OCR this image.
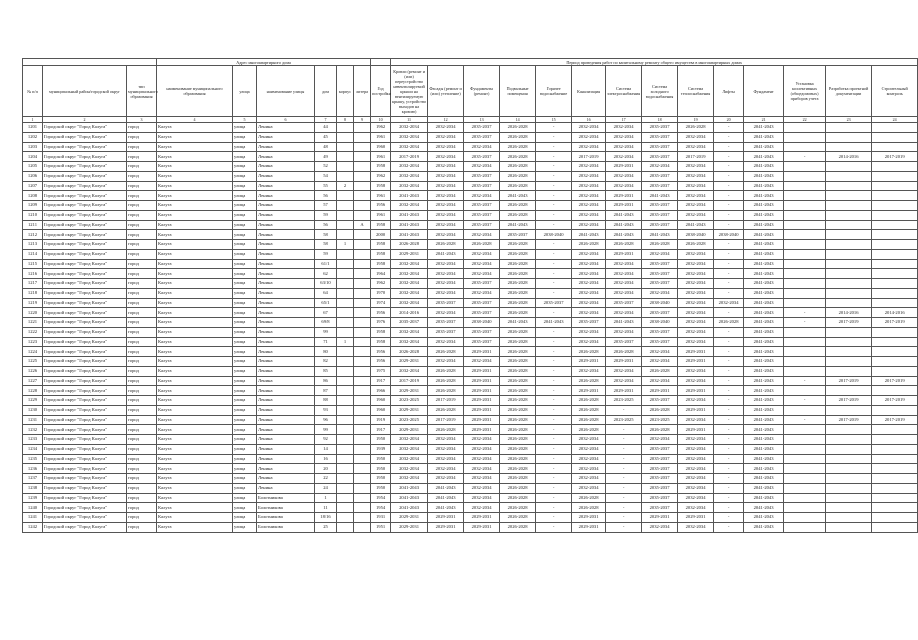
			Адрес многоквартирного дома							Период проведения работ по капитальному ремонту общего имущества в многоквартирных домах													
№ п/п	муниципальный район/городской округ	тип муниципального образования	наименование муниципального образования	улица	наименование улицы	дом	корпус	литера	Год постройки	Кровли (ремонт и (или) переустройство невентилируемой крыши на вентилируемую крышу, устройство выходов на кровлю)	Фасады (ремонт и (или) утепление)	Фундаменты (ремонт)	Подвальные помещения	Горячее водоснабжение	Канализация	Система электроснабжения	Система холодного водоснабжения	Система теплоснабжения	Лифты	Фундамент	Установка коллективных (общедомовых) приборов учета	Разработка проектной документации	Строительный контроль
1	2	3	4	5	6	7	8	9	10	11	12	13	14	15	16	17	18	19	20	21	22	23	24
1201	Городской округ "Город Калуга"	город	Калуга	улица	Ленина	44			1962	2032-2034	2032-2034	2035-2037	2026-2028	-	2032-2034	2032-2034	2035-2037	2026-2028	-	2041-2043			
1202	Городской округ "Город Калуга"	город	Калуга	улица	Ленина	45			1961	2032-2034	2032-2034	2035-2037	2026-2028	-	2032-2034	2032-2034	2035-2037	2032-2034	-	2041-2043			
1203	Городской округ "Город Калуга"	город	Калуга	улица	Ленина	48			1960	2032-2034	2032-2034	2032-2034	2026-2028	-	2032-2034	2032-2034	2035-2037	2032-2034	-	2041-2043			
1204	Городской округ "Город Калуга"	город	Калуга	улица	Ленина	49			1961	2017-2019	2032-2034	2035-2037	2026-2028	-	2017-2019	2032-2034	2035-2037	2017-2019	-	2041-2043	-	2014-2016	2017-2019
1205	Городской округ "Город Калуга"	город	Калуга	улица	Ленина	52			1958	2032-2034	2032-2034	2032-2034	2026-2028	-	2032-2034	2029-2031	2032-2034	2032-2034	-	2041-2043			
1206	Городской округ "Город Калуга"	город	Калуга	улица	Ленина	54			1962	2032-2034	2032-2034	2035-2037	2026-2028	-	2032-2034	2032-2034	2035-2037	2032-2034	-	2041-2043			
1207	Городской округ "Город Калуга"	город	Калуга	улица	Ленина	55	2		1958	2032-2034	2032-2034	2035-2037	2026-2028	-	2032-2034	2032-2034	2035-2037	2032-2034	-	2041-2043			
1208	Городской округ "Город Калуга"	город	Калуга	улица	Ленина	56			1961	2041-2043	2032-2034	2032-2034	2041-2043	-	2032-2034	2029-2031	2041-2043	2032-2034	-	2041-2043			
1209	Городской округ "Город Калуга"	город	Калуга	улица	Ленина	57			1956	2032-2034	2032-2034	2035-2037	2026-2028	-	2032-2034	2029-2031	2035-2037	2032-2034	-	2041-2043			
1210	Городской округ "Город Калуга"	город	Калуга	улица	Ленина	59			1961	2041-2043	2032-2034	2035-2037	2026-2028	-	2032-2034	2041-2043	2035-2037	2032-2034	-	2041-2043			
1211	Городской округ "Город Калуга"	город	Калуга	улица	Ленина	56		А	1958	2041-2043	2032-2034	2035-2037	2041-2043	-	2032-2034	2041-2043	2035-2037	2041-2043	-	2041-2043			
1212	Городской округ "Город Калуга"	город	Калуга	улица	Ленина	58			2000	2041-2043	2032-2034	2032-2034	2035-2037	2038-2040	2041-2043	2041-2043	2041-2043	2038-2040	2038-2040	2041-2043			
1213	Городской округ "Город Калуга"	город	Калуга	улица	Ленина	58	1		1958	2026-2028	2026-2028	2026-2028	2026-2028	-	2026-2028	2026-2028	2026-2028	2026-2028	-	2041-2043			
1214	Городской округ "Город Калуга"	город	Калуга	улица	Ленина	59			1958	2029-2031	2041-2043	2032-2034	2026-2028	-	2032-2034	2029-2031	2032-2034	2032-2034	-	2041-2043			
1215	Городской округ "Город Калуга"	город	Калуга	улица	Ленина	61/1			1958	2032-2034	2032-2034	2032-2034	2026-2028	-	2032-2034	2032-2034	2035-2037	2032-2034	-	2041-2043			
1216	Городской округ "Город Калуга"	город	Калуга	улица	Ленина	62			1964	2032-2034	2032-2034	2032-2034	2026-2028	-	2032-2034	2032-2034	2035-2037	2032-2034	-	2041-2043			
1217	Городской округ "Город Калуга"	город	Калуга	улица	Ленина	63/10			1962	2032-2034	2032-2034	2035-2037	2026-2028	-	2032-2034	2032-2034	2035-2037	2032-2034	-	2041-2043			
1218	Городской округ "Город Калуга"	город	Калуга	улица	Ленина	64			1970	2032-2034	2032-2034	2032-2034	2026-2028	-	2032-2034	2032-2034	2032-2034	2032-2034	-	2041-2043			
1219	Городской округ "Город Калуга"	город	Калуга	улица	Ленина	65/1			1974	2032-2034	2035-2037	2035-2037	2026-2028	2035-2037	2032-2034	2035-2037	2038-2040	2032-2034	2032-2034	2041-2043			
1220	Городской округ "Город Калуга"	город	Калуга	улица	Ленина	67			1956	2014-2016	2032-2034	2035-2037	2026-2028	-	2032-2034	2032-2034	2035-2037	2032-2034	-	2041-2043	-	2014-2016	2014-2016
1221	Городской округ "Город Калуга"	город	Калуга	улица	Ленина	69/8			1976	2035-2037	2035-2037	2038-2040	2041-2043	2041-2043	2035-2037	2041-2043	2038-2040	2032-2034	2026-2028	2041-2043	-	2017-2019	2017-2019
1222	Городской округ "Город Калуга"	город	Калуга	улица	Ленина	99			1958	2032-2034	2035-2037	2035-2037	2026-2028	-	2032-2034	2032-2034	2035-2037	2032-2034	-	2041-2043			
1223	Городской округ "Город Калуга"	город	Калуга	улица	Ленина	71	1		1958	2032-2034	2032-2034	2035-2037	2026-2028	-	2032-2034	2035-2037	2035-2037	2032-2034	-	2041-2043			
1224	Городской округ "Город Калуга"	город	Калуга	улица	Ленина	80			1956	2026-2028	2026-2028	2029-2031	2026-2028	-	2026-2028	2026-2028	2032-2034	2029-2031	-	2041-2043			
1225	Городской округ "Город Калуга"	город	Калуга	улица	Ленина	82			1956	2029-2031	2032-2034	2032-2034	2026-2028	-	2029-2031	2029-2031	2032-2034	2029-2031	-	2041-2043			
1226	Городской округ "Город Калуга"	город	Калуга	улица	Ленина	85			1975	2032-2034	2026-2028	2029-2031	2026-2028	-	2032-2034	2032-2034	2026-2028	2032-2034	-	2041-2043			
1227	Городской округ "Город Калуга"	город	Калуга	улица	Ленина	86			1917	2017-2019	2026-2028	2029-2031	2026-2028	-	2026-2028	2032-2034	2032-2034	2032-2034	-	2041-2043	-	2017-2019	2017-2019
1228	Городской округ "Город Калуга"	город	Калуга	улица	Ленина	87			1966	2029-2031	2026-2028	2029-2031	2026-2028	-	2029-2031	2029-2031	2029-2031	2029-2031	-	2041-2043			
1229	Городской округ "Город Калуга"	город	Калуга	улица	Ленина	88			1960	2023-2025	2017-2019	2029-2031	2026-2028	-	2026-2028	2023-2025	2035-2037	2032-2034	-	2041-2043	-	2017-2019	2017-2019
1230	Городской округ "Город Калуга"	город	Калуга	улица	Ленина	93			1960	2029-2031	2026-2028	2029-2031	2026-2028	-	2026-2028	-	2026-2028	2029-2031	-	2041-2043			
1231	Городской округ "Город Калуга"	город	Калуга	улица	Ленина	96			1919	2023-2025	2017-2019	2029-2031	2026-2028	-	2026-2028	2023-2025	2023-2025	2032-2034	-	2041-2043	-	2017-2019	2017-2019
1232	Городской округ "Город Калуга"	город	Калуга	улица	Ленина	99			1917	2029-2031	2026-2028	2029-2031	2026-2028	-	2026-2028	-	2026-2028	2029-2031	-	2041-2043			
1233	Городской округ "Город Калуга"	город	Калуга	улица	Ленина	92			1950	2032-2034	2032-2034	2032-2034	2026-2028	-	2032-2034	-	2032-2034	2032-2034	-	2041-2043			
1234	Городской округ "Город Калуга"	город	Калуга	улица	Ленина	14			1939	2032-2034	2032-2034	2032-2034	2026-2028	-	2032-2034	-	2035-2037	2032-2034	-	2041-2043			
1235	Городской округ "Город Калуга"	город	Калуга	улица	Ленина	16			1950	2032-2034	2032-2034	2032-2034	2026-2028	-	2032-2034	-	2035-2037	2032-2034	-	2041-2043			
1236	Городской округ "Город Калуга"	город	Калуга	улица	Ленина	20			1950	2032-2034	2032-2034	2032-2034	2026-2028	-	2032-2034	-	2035-2037	2032-2034	-	2041-2043			
1237	Городской округ "Город Калуга"	город	Калуга	улица	Ленина	22			1950	2032-2034	2032-2034	2032-2034	2026-2028	-	2032-2034	-	2035-2037	2032-2034	-	2041-2043			
1238	Городской округ "Город Калуга"	город	Калуга	улица	Ленина	24			1950	2041-2043	2041-2043	2032-2034	2026-2028	-	2032-2034	-	2035-2037	2032-2034	-	2041-2043			
1239	Городской округ "Город Калуга"	город	Калуга	улица	Болотникова	1			1954	2041-2043	2041-2043	2032-2034	2026-2028	-	2026-2028	-	2035-2037	2032-2034	-	2041-2043			
1240	Городской округ "Город Калуга"	город	Калуга	улица	Болотникова	11			1954	2041-2043	2041-2043	2032-2034	2026-2028	-	2026-2028	-	2035-2037	2032-2034	-	2041-2043			
1241	Городской округ "Город Калуга"	город	Калуга	улица	Болотникова	18/16			1931	2029-2031	2029-2031	2029-2031	2026-2028	-	2029-2031	-	2029-2031	2029-2031	-	2041-2043			
1242	Городской округ "Город Калуга"	город	Калуга	улица	Болотникова	25			1951	2029-2031	2029-2031	2029-2031	2026-2028	-	2029-2031	-	2032-2034	2032-2034	-	2041-2043			
